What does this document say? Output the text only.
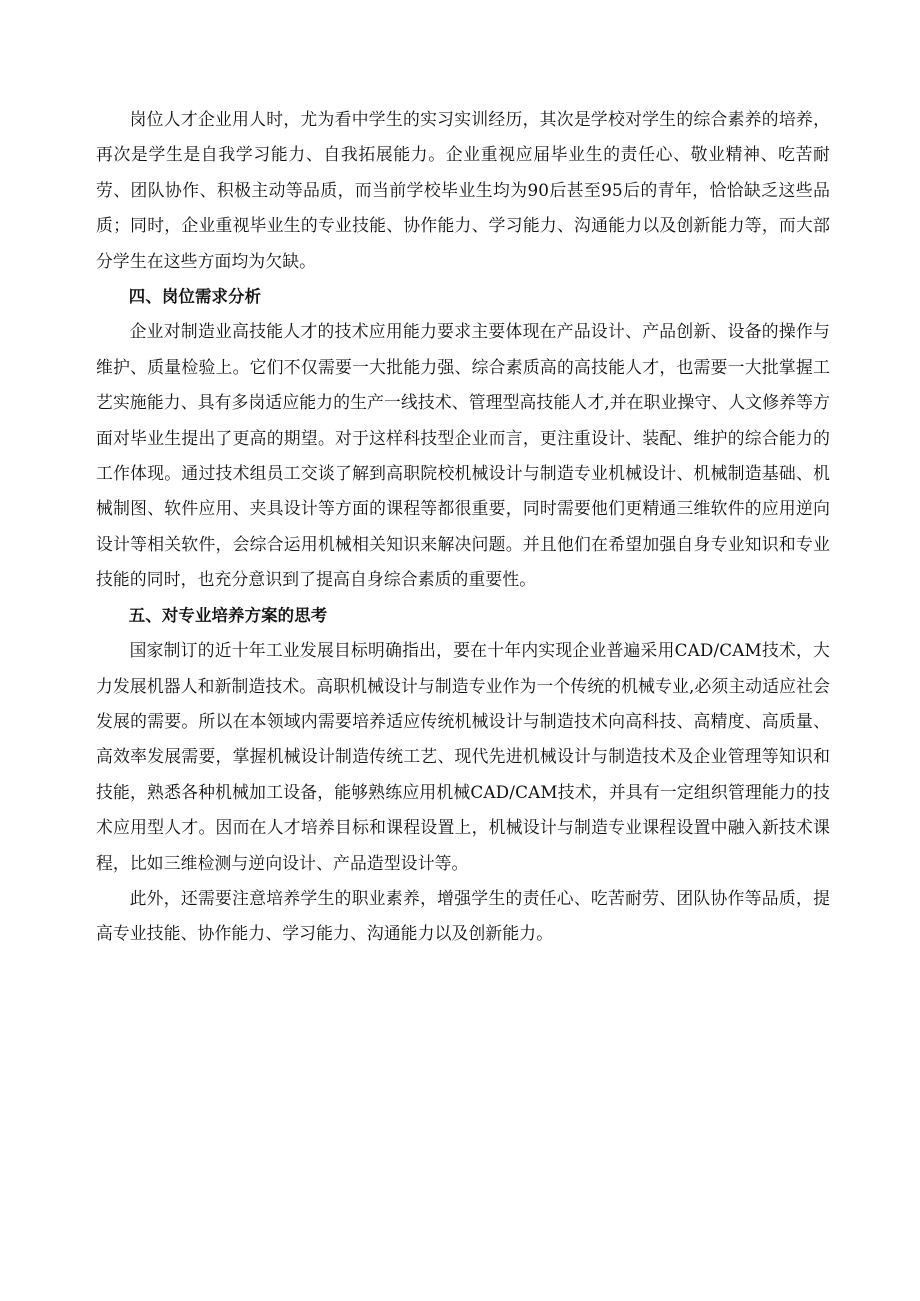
岗位人才企业用人时，尤为看中学生的实习实训经历，其次是学校对学生的综合素养的培养，再次是学生是自我学习能力、自我拓展能力。企业重视应届毕业生的责任心、敬业精神、吃苦耐劳、团队协作、积极主动等品质，而当前学校毕业生均为90后甚至95后的青年，恰恰缺乏这些品质；同时，企业重视毕业生的专业技能、协作能力、学习能力、沟通能力以及创新能力等，而大部分学生在这些方面均为欠缺。

四、岗位需求分析

企业对制造业高技能人才的技术应用能力要求主要体现在产品设计、产品创新、设备的操作与维护、质量检验上。它们不仅需要一大批能力强、综合素质高的高技能人才，也需要一大批掌握工艺实施能力、具有多岗适应能力的生产一线技术、管理型高技能人才,并在职业操守、人文修养等方面对毕业生提出了更高的期望。对于这样科技型企业而言，更注重设计、装配、维护的综合能力的工作体现。通过技术组员工交谈了解到高职院校机械设计与制造专业机械设计、机械制造基础、机械制图、软件应用、夹具设计等方面的课程等都很重要，同时需要他们更精通三维软件的应用逆向设计等相关软件，会综合运用机械相关知识来解决问题。并且他们在希望加强自身专业知识和专业技能的同时，也充分意识到了提高自身综合素质的重要性。

五、对专业培养方案的思考

国家制订的近十年工业发展目标明确指出，要在十年内实现企业普遍采用CAD/CAM技术，大力发展机器人和新制造技术。高职机械设计与制造专业作为一个传统的机械专业,必须主动适应社会发展的需要。所以在本领域内需要培养适应传统机械设计与制造技术向高科技、高精度、高质量、高效率发展需要，掌握机械设计制造传统工艺、现代先进机械设计与制造技术及企业管理等知识和技能，熟悉各种机械加工设备，能够熟练应用机械CAD/CAM技术，并具有一定组织管理能力的技术应用型人才。因而在人才培养目标和课程设置上，机械设计与制造专业课程设置中融入新技术课程，比如三维检测与逆向设计、产品造型设计等。

此外，还需要注意培养学生的职业素养，增强学生的责任心、吃苦耐劳、团队协作等品质，提高专业技能、协作能力、学习能力、沟通能力以及创新能力。
